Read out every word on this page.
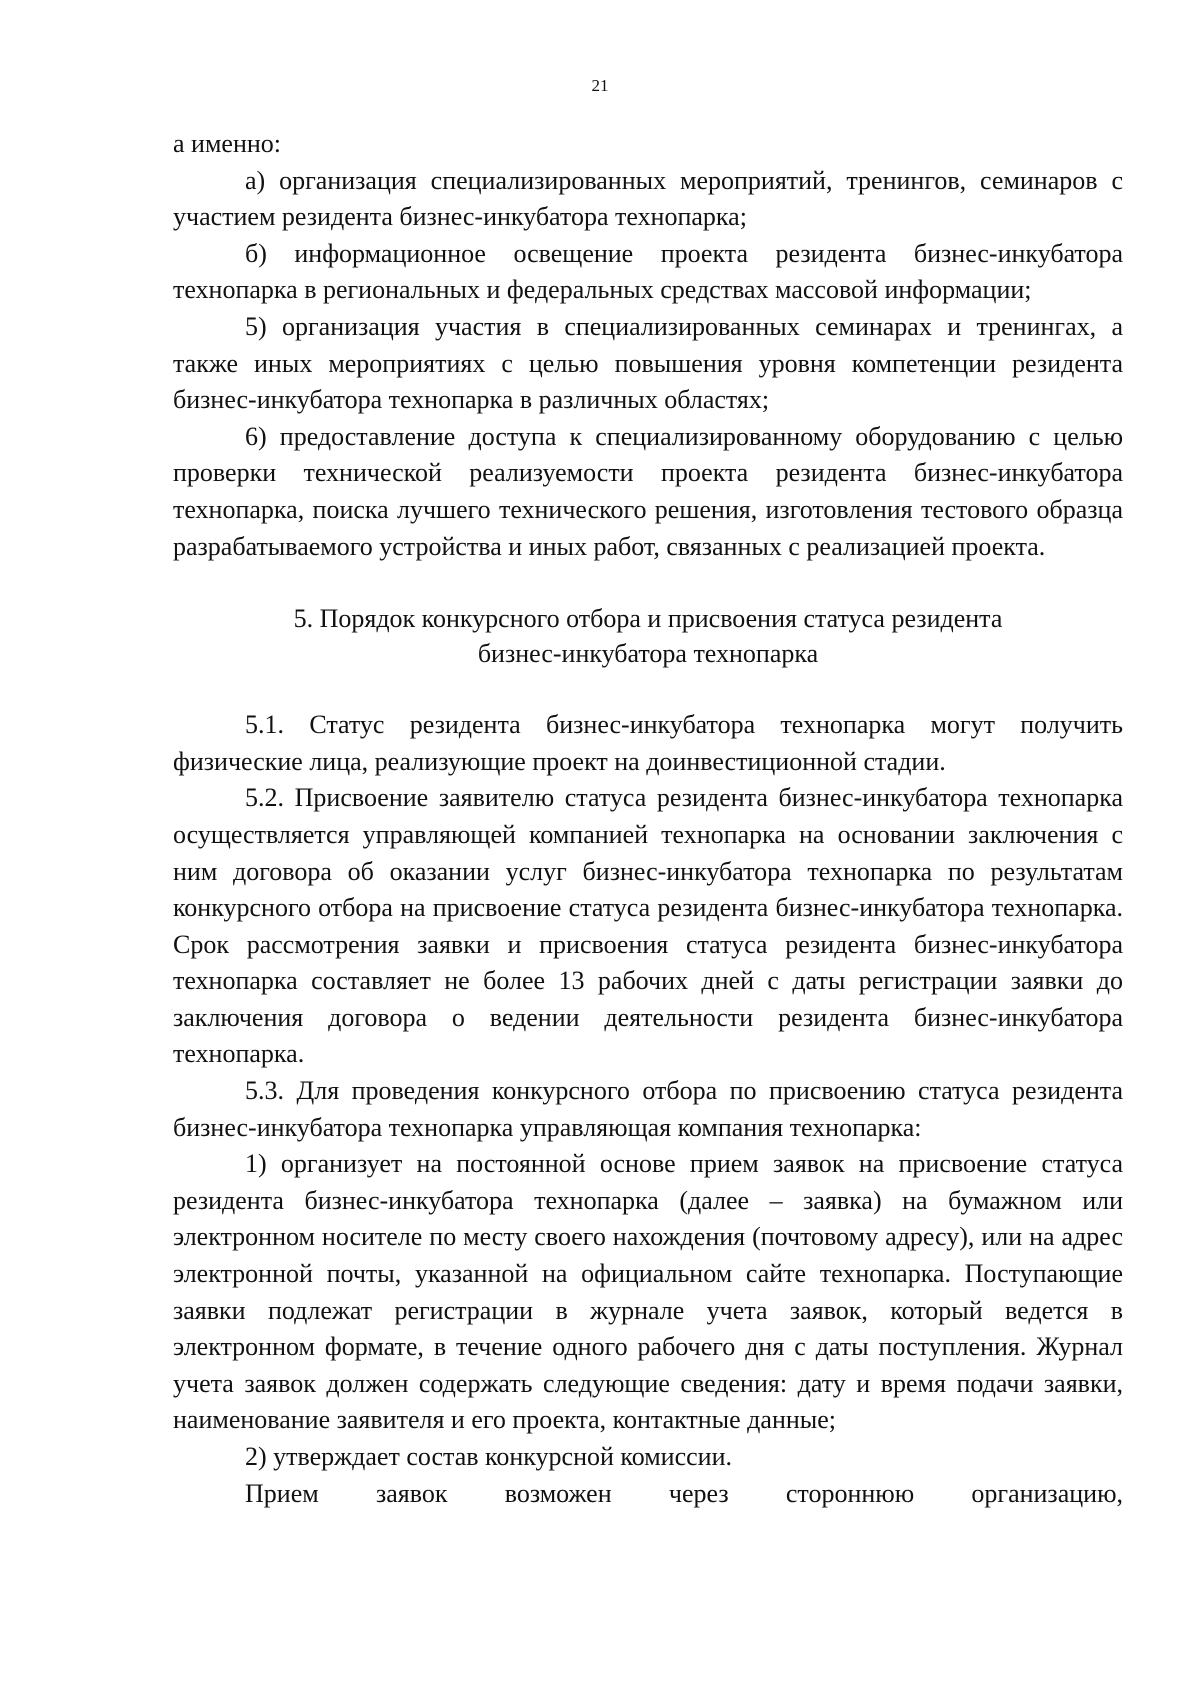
21

а именно:

а) организация специализированных мероприятий, тренингов, семинаров с участием резидента бизнес-инкубатора технопарка;

б) информационное освещение проекта резидента бизнес-инкубатора технопарка в региональных и федеральных средствах массовой информации;

5) организация участия в специализированных семинарах и тренингах, а также иных мероприятиях с целью повышения уровня компетенции резидента бизнес-инкубатора технопарка в различных областях;

6) предоставление доступа к специализированному оборудованию с целью проверки технической реализуемости проекта резидента бизнес-инкубатора технопарка, поиска лучшего технического решения, изготовления тестового образца разрабатываемого устройства и иных работ, связанных с реализацией проекта.

5. Порядок конкурсного отбора и присвоения статуса резидента
бизнес-инкубатора технопарка

5.1. Статус резидента бизнес-инкубатора технопарка могут получить физические лица, реализующие проект на доинвестиционной стадии.

5.2. Присвоение заявителю статуса резидента бизнес-инкубатора технопарка осуществляется управляющей компанией технопарка на основании заключения с ним договора об оказании услуг бизнес-инкубатора технопарка по результатам конкурсного отбора на присвоение статуса резидента бизнес-инкубатора технопарка. Срок рассмотрения заявки и присвоения статуса резидента бизнес-инкубатора технопарка составляет не более 13 рабочих дней с даты регистрации заявки до заключения договора о ведении деятельности резидента бизнес-инкубатора технопарка.

5.3. Для проведения конкурсного отбора по присвоению статуса резидента бизнес-инкубатора технопарка управляющая компания технопарка:

1) организует на постоянной основе прием заявок на присвоение статуса резидента бизнес-инкубатора технопарка (далее – заявка) на бумажном или электронном носителе по месту своего нахождения (почтовому адресу), или на адрес электронной почты, указанной на официальном сайте технопарка. Поступающие заявки подлежат регистрации в журнале учета заявок, который ведется в электронном формате, в течение одного рабочего дня с даты поступления. Журнал учета заявок должен содержать следующие сведения: дату и время подачи заявки, наименование заявителя и его проекта, контактные данные;

2) утверждает состав конкурсной комиссии.

Прием заявок возможен через стороннюю организацию,
